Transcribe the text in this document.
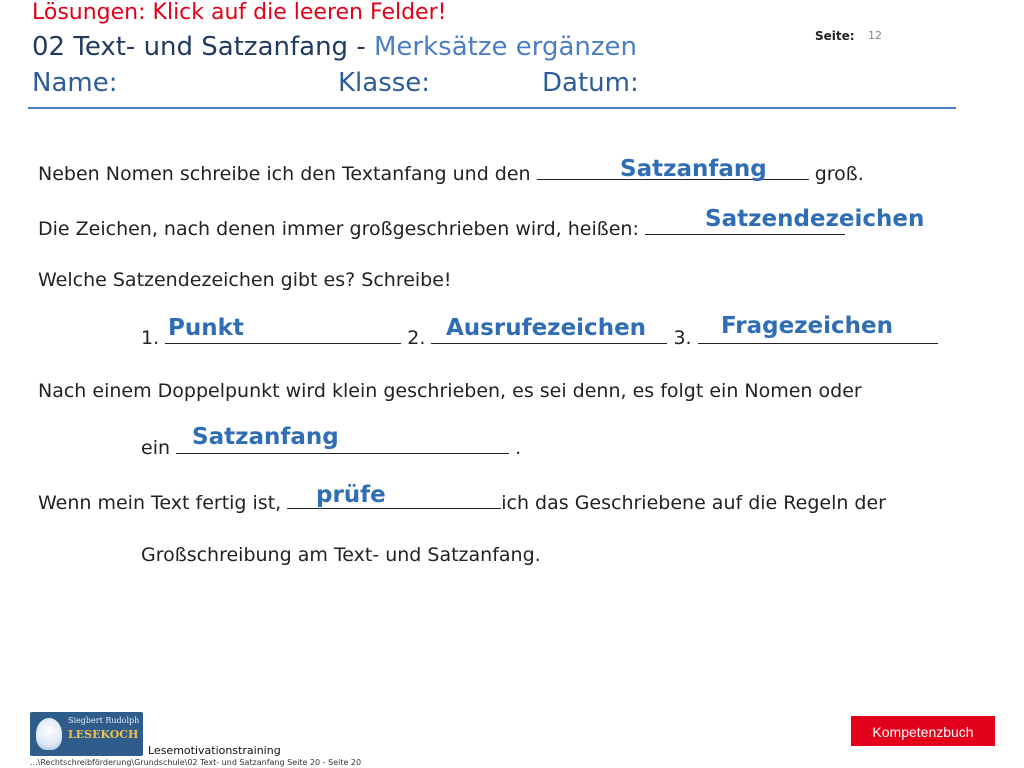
Lösungen: Klick auf die leeren Felder!
02 Text- und Satzanfang - Merksätze ergänzen
Name:	Klasse:	Datum:
Seite: 12
Neben Nomen schreibe ich den Textanfang und den	groß.
Satzanfang
Die Zeichen, nach denen immer großgeschrieben wird, heißen:	Satzendezeichen
Welche Satzendezeichen gibt es? Schreibe!
1.	2.	3.
Punkt	Ausrufezeichen	Fragezeichen
Nach einem Doppelpunkt wird klein geschrieben, es sei denn, es folgt ein Nomen oder
ein	.
Satzanfang
Wenn mein Text fertig ist,	ich das Geschriebene auf die Regeln der
prüfe
Großschreibung am Text- und Satzanfang.
Siegbert Rudolph
LESEKOCH
Lesemotivationstraining
...\Rechtschreibförderung\Grundschule\02 Text- und Satzanfang Seite 20 - Seite 20
Kompetenzbuch
